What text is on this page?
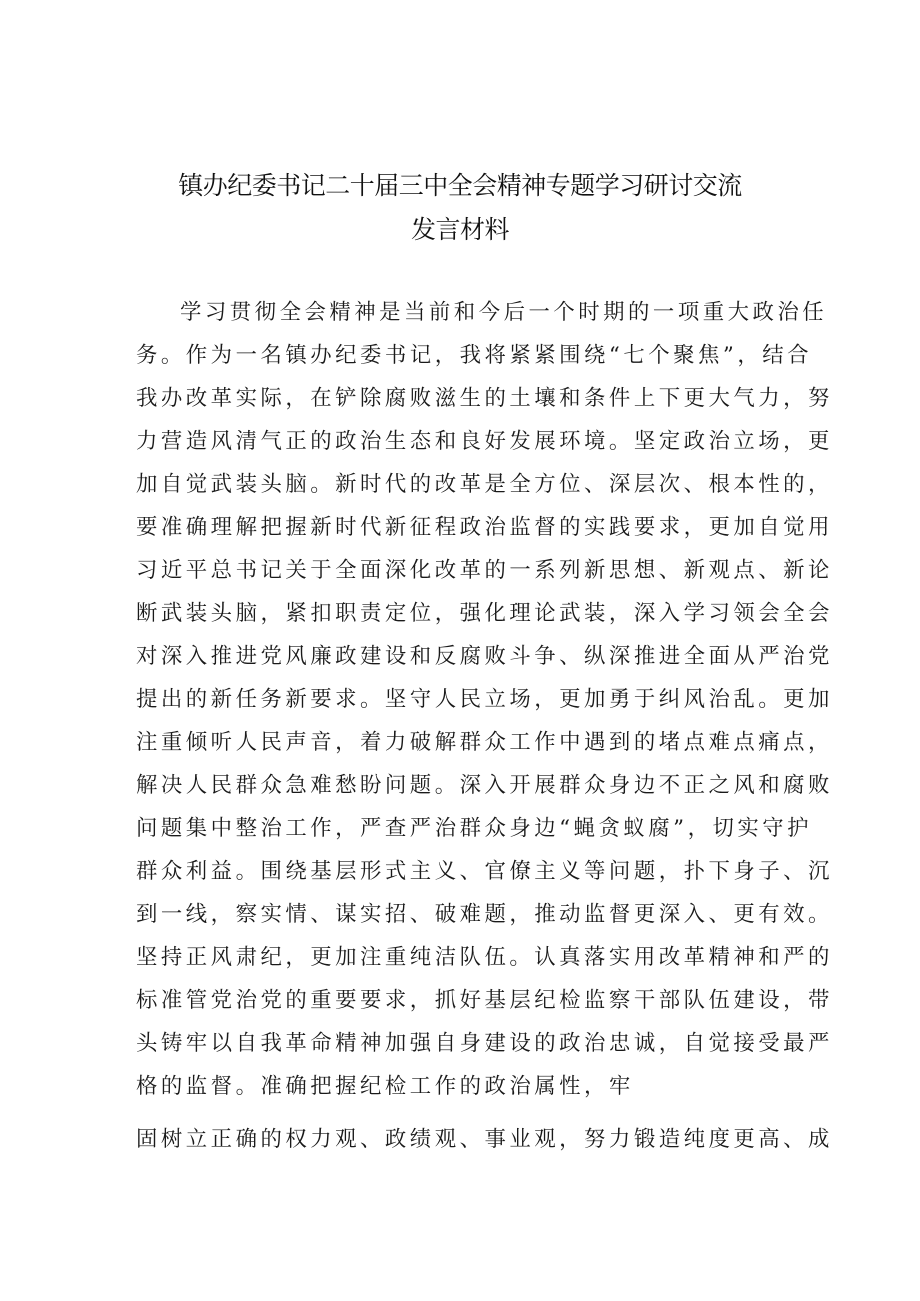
镇办纪委书记二十届三中全会精神专题学习研讨交流
发言材料
学习贯彻全会精神是当前和今后一个时期的一项重大政治任
务。作为一名镇办纪委书记，我将紧紧围绕“七个聚焦”，结合
我办改革实际，在铲除腐败滋生的土壤和条件上下更大气力，努
力营造风清气正的政治生态和良好发展环境。坚定政治立场，更
加自觉武装头脑。新时代的改革是全方位、深层次、根本性的，
要准确理解把握新时代新征程政治监督的实践要求，更加自觉用
习近平总书记关于全面深化改革的一系列新思想、新观点、新论
断武装头脑，紧扣职责定位，强化理论武装，深入学习领会全会
对深入推进党风廉政建设和反腐败斗争、纵深推进全面从严治党
提出的新任务新要求。坚守人民立场，更加勇于纠风治乱。更加
注重倾听人民声音，着力破解群众工作中遇到的堵点难点痛点，
解决人民群众急难愁盼问题。深入开展群众身边不正之风和腐败
问题集中整治工作，严查严治群众身边“蝇贪蚁腐”，切实守护
群众利益。围绕基层形式主义、官僚主义等问题，扑下身子、沉
到一线，察实情、谋实招、破难题，推动监督更深入、更有效。
坚持正风肃纪，更加注重纯洁队伍。认真落实用改革精神和严的
标准管党治党的重要要求，抓好基层纪检监察干部队伍建设，带
头铸牢以自我革命精神加强自身建设的政治忠诚，自觉接受最严
格的监督。准确把握纪检工作的政治属性，牢
固树立正确的权力观、政绩观、事业观，努力锻造纯度更高、成
